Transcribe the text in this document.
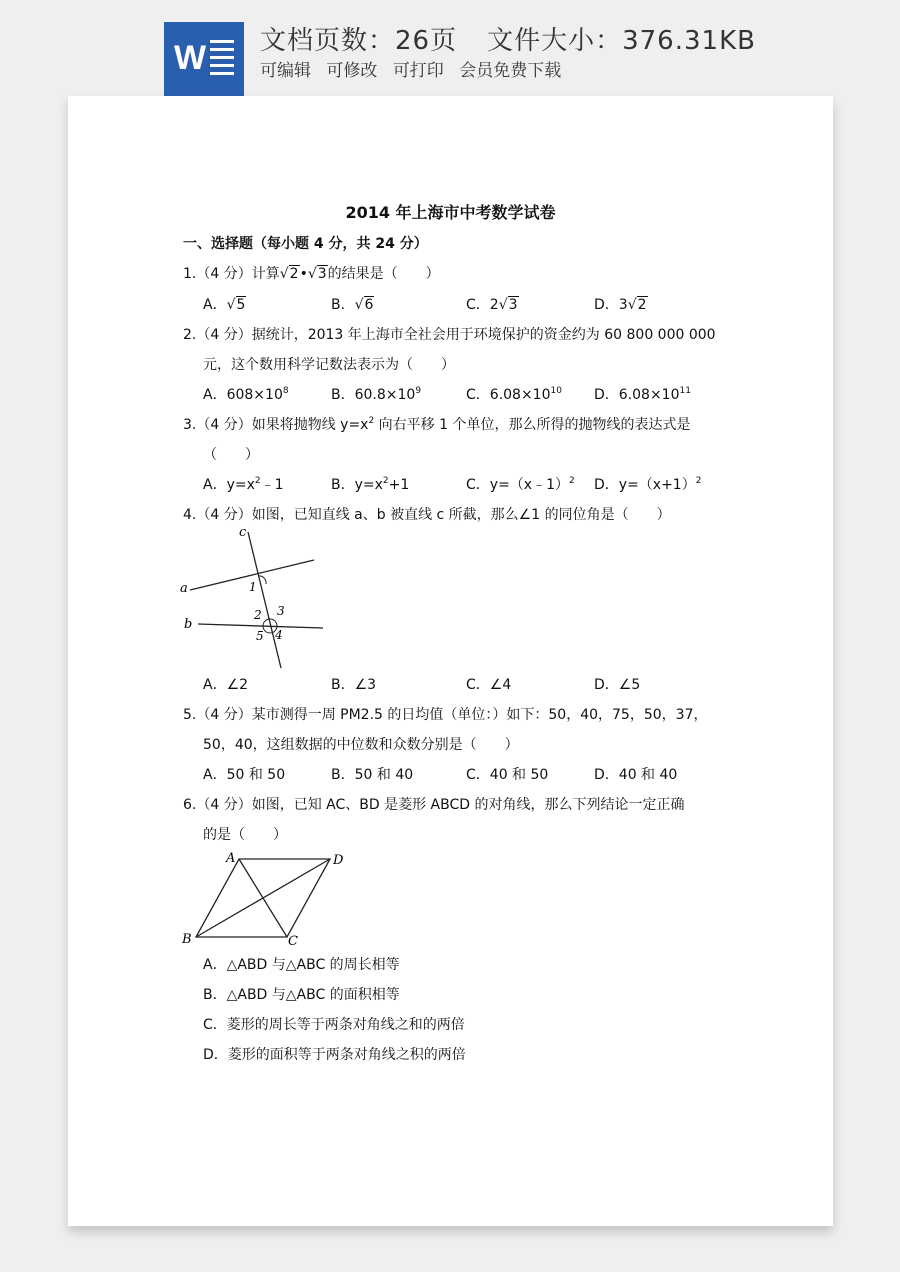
W 文档页数：26页 文件大小：376.31KB
可编辑 可修改 可打印 会员免费下载
2014 年上海市中考数学试卷
一、选择题（每小题 4 分，共 24 分）
1.（4 分）计算√2•√3的结果是（　　）
A．√5	B．√6	C．2√3	D．3√2
2.（4 分）据统计，2013 年上海市全社会用于环境保护的资金约为 60 800 000 000
元，这个数用科学记数法表示为（　　）
A．$608\times 10^8$	B．$60.8\times 10^9$	C．$6.08\times 10^{10}$ D．$6.08\times 10^{11}$
3.（4 分）如果将抛物线 $y=x^2$ 向右平移 1 个单位，那么所得的抛物线的表达式是
（　　）
A．$y=x^2﹣1$	B．$y=x^2+1$	C．y=（x﹣1）$^2$ D．$y=(x+1)^2$
4.（4 分）如图，已知直线 a、b 被直线 c 所截，那么∠1 的同位角是（　　）
c
a
b
1
2 3
4
5
A．∠2	B．∠3	C．∠4	D．∠5
5.（4 分）某市测得一周 PM2.5 的日均值（单位：）如下：50，40，75，50，37，
50，40，这组数据的中位数和众数分别是（　　）
A．50 和 50	B．50 和 40	C．40 和 50	D．40 和 40
6.（4 分）如图，已知 AC、BD 是菱形 ABCD 的对角线，那么下列结论一定正确
的是（　　）
A	D
B	C
A．△ABD 与△ABC 的周长相等
B．△ABD 与△ABC 的面积相等
C．菱形的周长等于两条对角线之和的两倍
D．菱形的面积等于两条对角线之积的两倍
